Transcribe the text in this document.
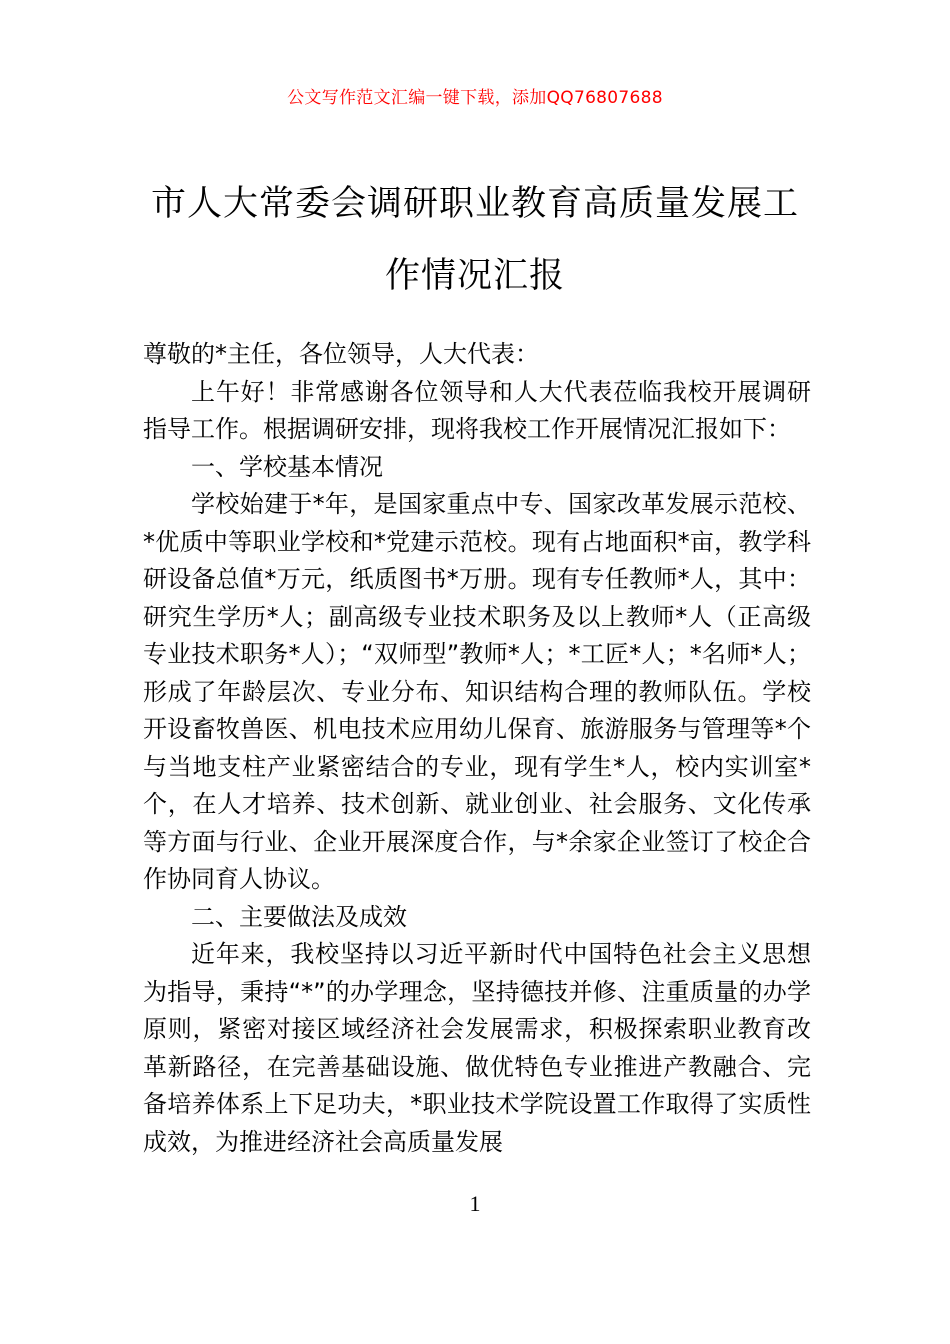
公文写作范文汇编一键下载，添加QQ76807688
市人大常委会调研职业教育高质量发展工
作情况汇报

尊敬的*主任，各位领导，人大代表：

上午好！非常感谢各位领导和人大代表莅临我校开展调研指导工作。根据调研安排，现将我校工作开展情况汇报如下：

一、学校基本情况

学校始建于*年，是国家重点中专、国家改革发展示范校、*优质中等职业学校和*党建示范校。现有占地面积*亩，教学科研设备总值*万元，纸质图书*万册。现有专任教师*人，其中：研究生学历*人；副高级专业技术职务及以上教师*人（正高级专业技术职务*人）；“双师型”教师*人；*工匠*人；*名师*人；形成了年龄层次、专业分布、知识结构合理的教师队伍。学校开设畜牧兽医、机电技术应用幼儿保育、旅游服务与管理等*个与当地支柱产业紧密结合的专业，现有学生*人，校内实训室*个，在人才培养、技术创新、就业创业、社会服务、文化传承等方面与行业、企业开展深度合作，与*余家企业签订了校企合作协同育人协议。

二、主要做法及成效

近年来，我校坚持以习近平新时代中国特色社会主义思想为指导，秉持“*”的办学理念，坚持德技并修、注重质量的办学原则，紧密对接区域经济社会发展需求，积极探索职业教育改革新路径，在完善基础设施、做优特色专业推进产教融合、完备培养体系上下足功夫，*职业技术学院设置工作取得了实质性成效，为推进经济社会高质量发展

1
